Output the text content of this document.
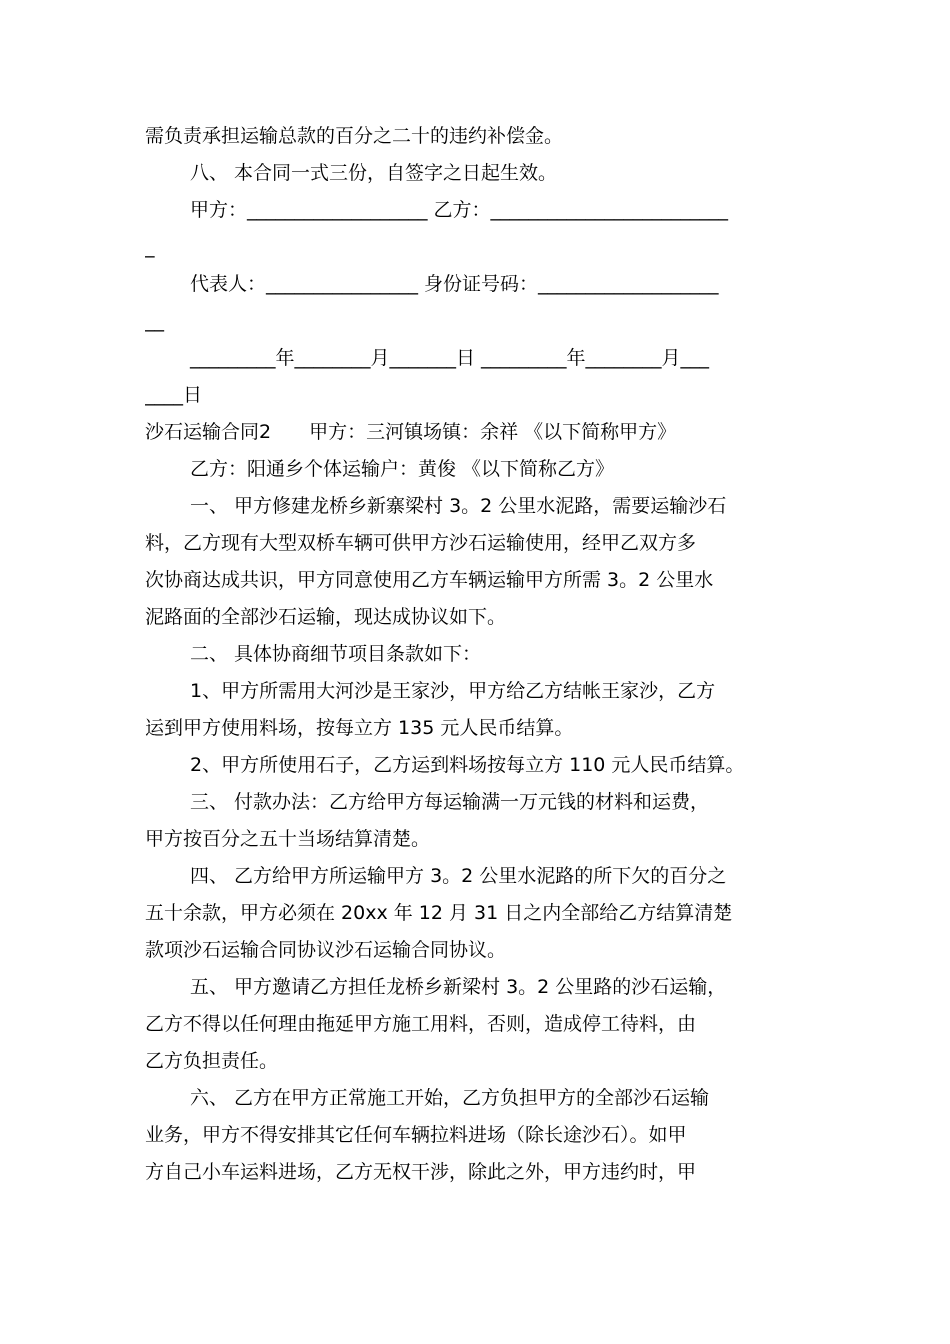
需负责承担运输总款的百分之二十的违约补偿金。
八、 本合同一式三份，自签字之日起生效。
甲方：___________________ 乙方：_________________________
_
代表人：________________ 身份证号码：___________________
__
_________年________月_______日 _________年________月___
____日
沙石运输合同2　　甲方：三河镇场镇：余祥 《以下简称甲方》
乙方：阳通乡个体运输户：黄俊 《以下简称乙方》
一、 甲方修建龙桥乡新寨梁村 3。2 公里水泥路，需要运输沙石
料，乙方现有大型双桥车辆可供甲方沙石运输使用，经甲乙双方多
次协商达成共识，甲方同意使用乙方车辆运输甲方所需 3。2 公里水
泥路面的全部沙石运输，现达成协议如下。
二、 具体协商细节项目条款如下：
1、甲方所需用大河沙是王家沙，甲方给乙方结帐王家沙，乙方
运到甲方使用料场，按每立方 135 元人民币结算。
2、甲方所使用石子，乙方运到料场按每立方 110 元人民币结算。
三、 付款办法：乙方给甲方每运输满一万元钱的材料和运费，
甲方按百分之五十当场结算清楚。
四、 乙方给甲方所运输甲方 3。2 公里水泥路的所下欠的百分之
五十余款，甲方必须在 20xx 年 12 月 31 日之内全部给乙方结算清楚
款项沙石运输合同协议沙石运输合同协议。
五、 甲方邀请乙方担任龙桥乡新梁村 3。2 公里路的沙石运输，
乙方不得以任何理由拖延甲方施工用料，否则，造成停工待料，由
乙方负担责任。
六、 乙方在甲方正常施工开始，乙方负担甲方的全部沙石运输
业务，甲方不得安排其它任何车辆拉料进场（除长途沙石）。如甲
方自己小车运料进场，乙方无权干涉，除此之外，甲方违约时，甲
